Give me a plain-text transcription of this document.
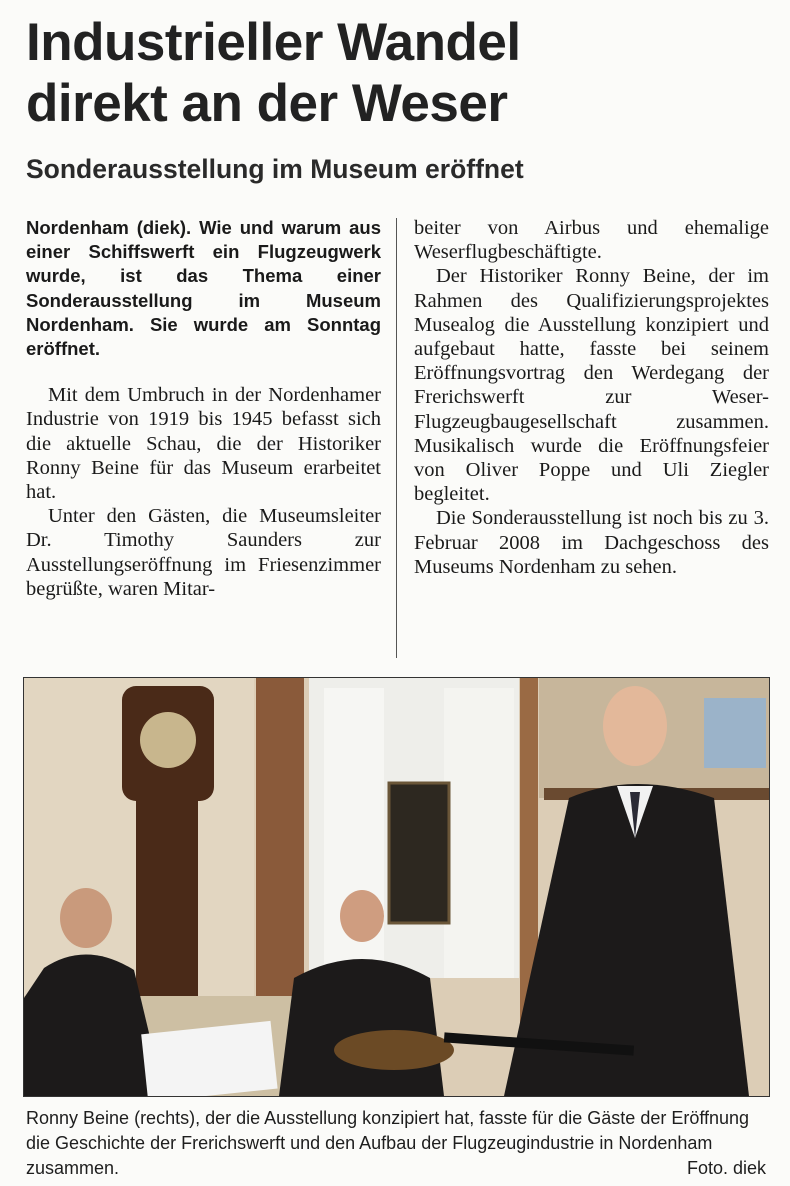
Industrieller Wandel
direkt an der Weser
Sonderausstellung im Museum eröffnet

Nordenham (diek). Wie und warum aus einer Schiffswerft ein Flugzeugwerk wurde, ist das Thema einer Sonderausstellung im Museum Nordenham. Sie wurde am Sonntag eröffnet.

Mit dem Umbruch in der Nordenhamer Industrie von 1919 bis 1945 befasst sich die aktuelle Schau, die der Historiker Ronny Beine für das Museum erarbeitet hat.

Unter den Gästen, die Museumsleiter Dr. Timothy Saunders zur Ausstellungseröffnung im Friesenzimmer begrüßte, waren Mitar-

beiter von Airbus und ehemalige Weserflugbeschäftigte.

Der Historiker Ronny Beine, der im Rahmen des Qualifizierungsprojektes Musealog die Ausstellung konzipiert und aufgebaut hatte, fasste bei seinem Eröffnungsvortrag den Werdegang der Frerichswerft zur Weser-Flugzeugbaugesellschaft zusammen. Musikalisch wurde die Eröffnungsfeier von Oliver Poppe und Uli Ziegler begleitet.

Die Sonderausstellung ist noch bis zu 3. Februar 2008 im Dachgeschoss des Museums Nordenham zu sehen.

Ronny Beine (rechts), der die Ausstellung konzipiert hat, fasste für die Gäste der Eröffnung die Geschichte der Frerichswerft und den Aufbau der Flugzeugindustrie in Nordenham zusammen.	Foto. diek
